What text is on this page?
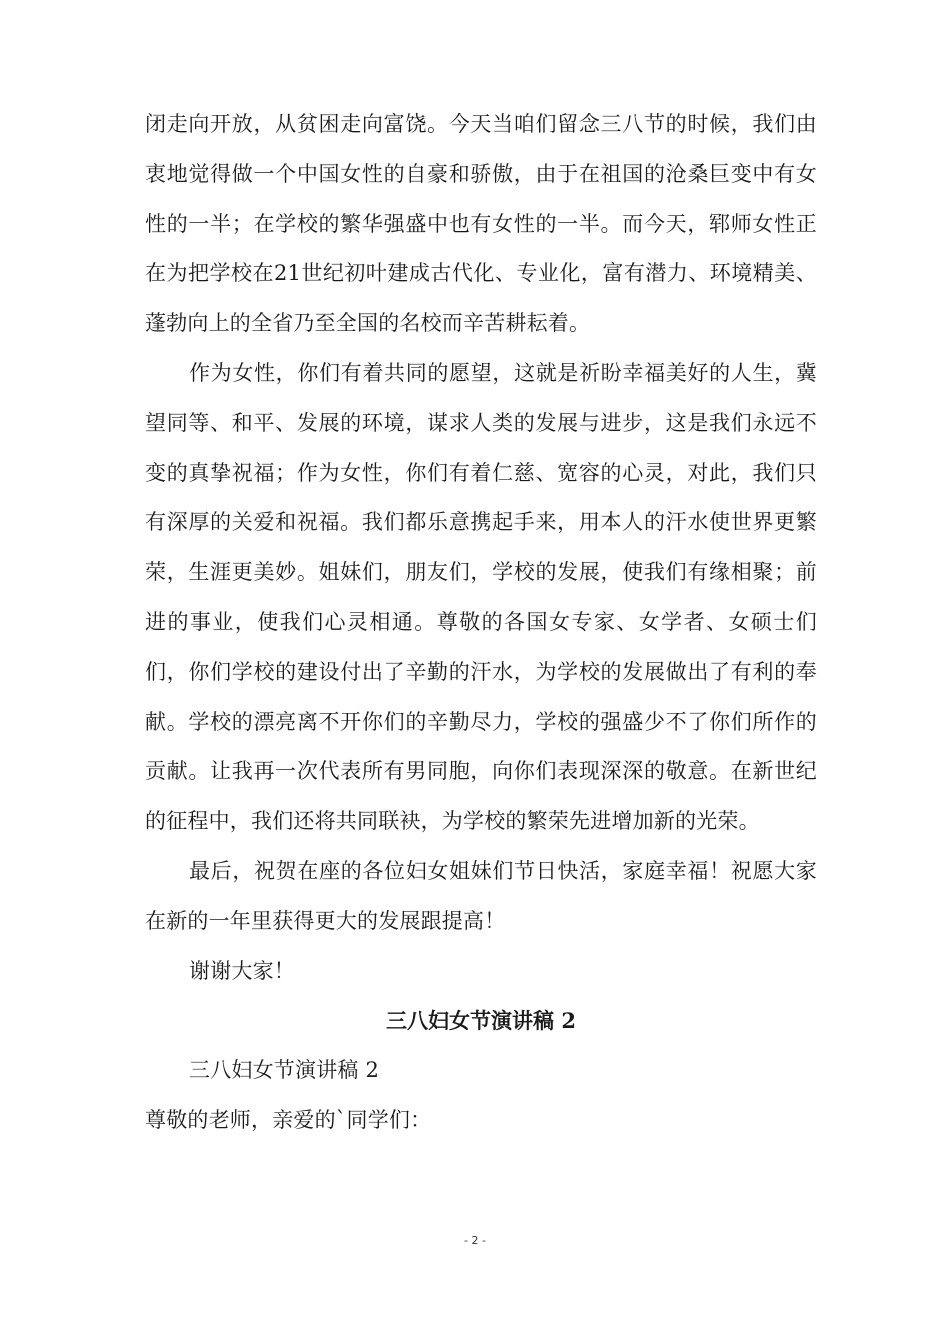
闭走向开放，从贫困走向富饶。今天当咱们留念三八节的时候，我们由衷地觉得做一个中国女性的自豪和骄傲，由于在祖国的沧桑巨变中有女性的一半；在学校的繁华强盛中也有女性的一半。而今天，郓师女性正在为把学校在21世纪初叶建成古代化、专业化，富有潜力、环境精美、蓬勃向上的全省乃至全国的名校而辛苦耕耘着。

作为女性，你们有着共同的愿望，这就是祈盼幸福美好的人生，冀望同等、和平、发展的环境，谋求人类的发展与进步，这是我们永远不变的真挚祝福；作为女性，你们有着仁慈、宽容的心灵，对此，我们只有深厚的关爱和祝福。我们都乐意携起手来，用本人的汗水使世界更繁荣，生涯更美妙。姐妹们，朋友们，学校的发展，使我们有缘相聚；前进的事业，使我们心灵相通。尊敬的各国女专家、女学者、女硕士们们，你们学校的建设付出了辛勤的汗水，为学校的发展做出了有利的奉献。学校的漂亮离不开你们的辛勤尽力，学校的强盛少不了你们所作的贡献。让我再一次代表所有男同胞，向你们表现深深的敬意。在新世纪的征程中，我们还将共同联袂，为学校的繁荣先进增加新的光荣。

最后，祝贺在座的各位妇女姐妹们节日快活，家庭幸福！祝愿大家在新的一年里获得更大的发展跟提高！

谢谢大家！

三八妇女节演讲稿 2

三八妇女节演讲稿 2

尊敬的老师，亲爱的`同学们：

- 2 -
